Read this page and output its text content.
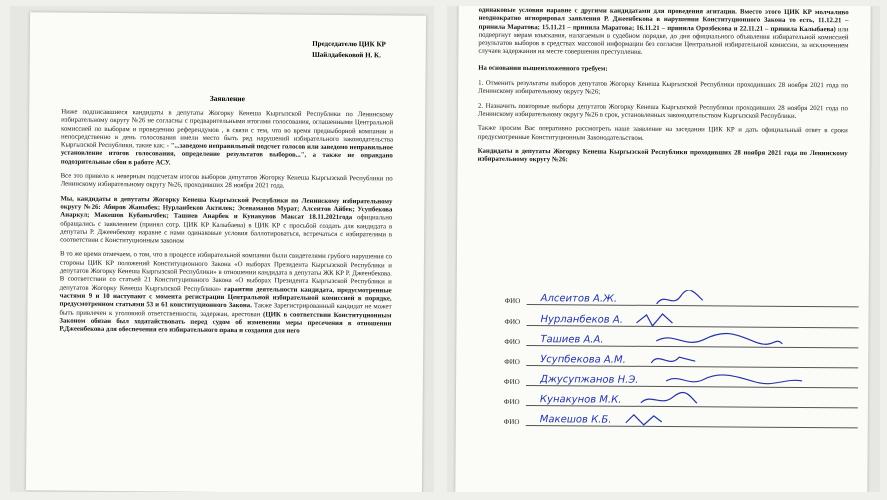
Председателю ЦИК КР
Шайлдабековой Н. К.
Заявление

Ниже подписавшиеся кандидаты в депутаты Жогорку Кенеша Кыргызской Республики по Ленинскому избирательному округу №26 не согласны с предварительными итогами голосования, оглашенными Центральной комиссией по выборам и проведению референдумов , в связи с тем, что во время предвыборной компании и непосредственно в день голосования имели место быть ряд нарушений избирательного законодательства Кыргызской Республики, такие как: - "...заведомо неправильный подсчет голосов или заведомо неправильное установление итогов голосования, определение результатов выборов...", а также не оправдано подозрительные сбои в работе АСУ.

Все это привело к неверным подсчетам итогов выборов депутатов Жогорку Кенеша Кыргызской Республики по Ленинскому избирательному округу №26, проходивших 28 ноября 2021 года.

Мы, кандидаты в депутаты Жогорку Кенеша Кыргызской Республики по Ленинскому избирательному округу №26: Абиров Жаныбек; Нурланбеков Актилек; Эсенаманов Мурат; Алсеитов Айбек; Усупбекова Анаркул; Макешов Кубанычбек; Ташиев Анарбек и Кунакунов Максат 18.11.2021года официально обращались с заявлением (принял сотр. ЦИК КР Калыбаева) в ЦИК КР с просьбой создать для кандидата в депутаты Р. Джеенбекову наравне с нами одинаковые условия баллотироваться, встречаться с избирателями в соответствии с Конституционным законом

В то же время отмечаем, о том, что в процессе избирательной компании были свидетелями грубого нарушения со стороны ЦИК КР положений Конституционного Закона «О выборах Президента Кыргызской Республики и депутатов Жогорку Кенеша Кыргызской Республики» в отношении кандидата в депутаты ЖК КР Р. Джеенбекова. В соответствии со статьей 21 Конституционного Закона «О выборах Президента Кыргызской Республики и депутатов Жогорку Кенеша Кыргызской Республики» гарантии деятельности кандидата, предусмотренные частями 9 и 10 наступают с момента регистрации Центральной избирательной комиссией в порядке, предусмотренном статьями 53 и 61 конституционного Закона. Также Зарегистрированный кандидат не может быть привлечен к уголовной ответственности, задержан, арестован (ЦИК в соответствии Конституционным Законом обязан был ходатайствовать перед судом об изменении меры пресечения в отношении Р.Джеенбекова для обеспечения его избирательного права и создания для него

одинаковые условия наравне с другими кандидатами для проведения агитации. Вместо этого ЦИК КР молчаливо неоднократно игнорировал заявления Р. Джеенбекова в нарушении Конституционного Закона то есть, 11.12.21 – принила Маратова; 15.11.21 – принила Маратова; 16.11.21 – принила Орозбекова и 22.11.21 – принила Калыбаева) или подвергнут мерам взыскания, налагаемым в судебном порядке, до дня официального объявления избирательной комиссией результатов выборов в средствах массовой информации без согласия Центральной избирательной комиссии, за исключением случаев задержания на месте совершения преступления.

На основании вышеизложенного требуем:

1. Отменить результаты выборов депутатов Жогорку Кенеша Кыргызской Республики проходивших 28 ноября 2021 года по Ленинскому избирательному округу №26;

2. Назначить повторные выборы депутатов Жогорку Кенеша Кыргызской Республики проходивших 28 ноября 2021 года по Ленинскому избирательному округу №26 в срок, установленных законодательством Кыргызской Республики.

Также просим Вас оперативно рассмотреть наше заявление на заседании ЦИК КР и дать официальный ответ в сроки предусмотренные Конституционным Законодательством.

Кандидаты в депутаты Жогорку Кенеша Кыргызской Республики проходивших 28 ноября 2021 года по Ленинскому избирательному округу №26:

ФИО Алсеитов А.Ж.
ФИО Нурланбеков А.
ФИО Ташиев А.А.
ФИО Усупбекова А.М.
ФИО Джусупжанов Н.Э.
ФИО Кунакунов М.К.
ФИО Макешов К.Б.
